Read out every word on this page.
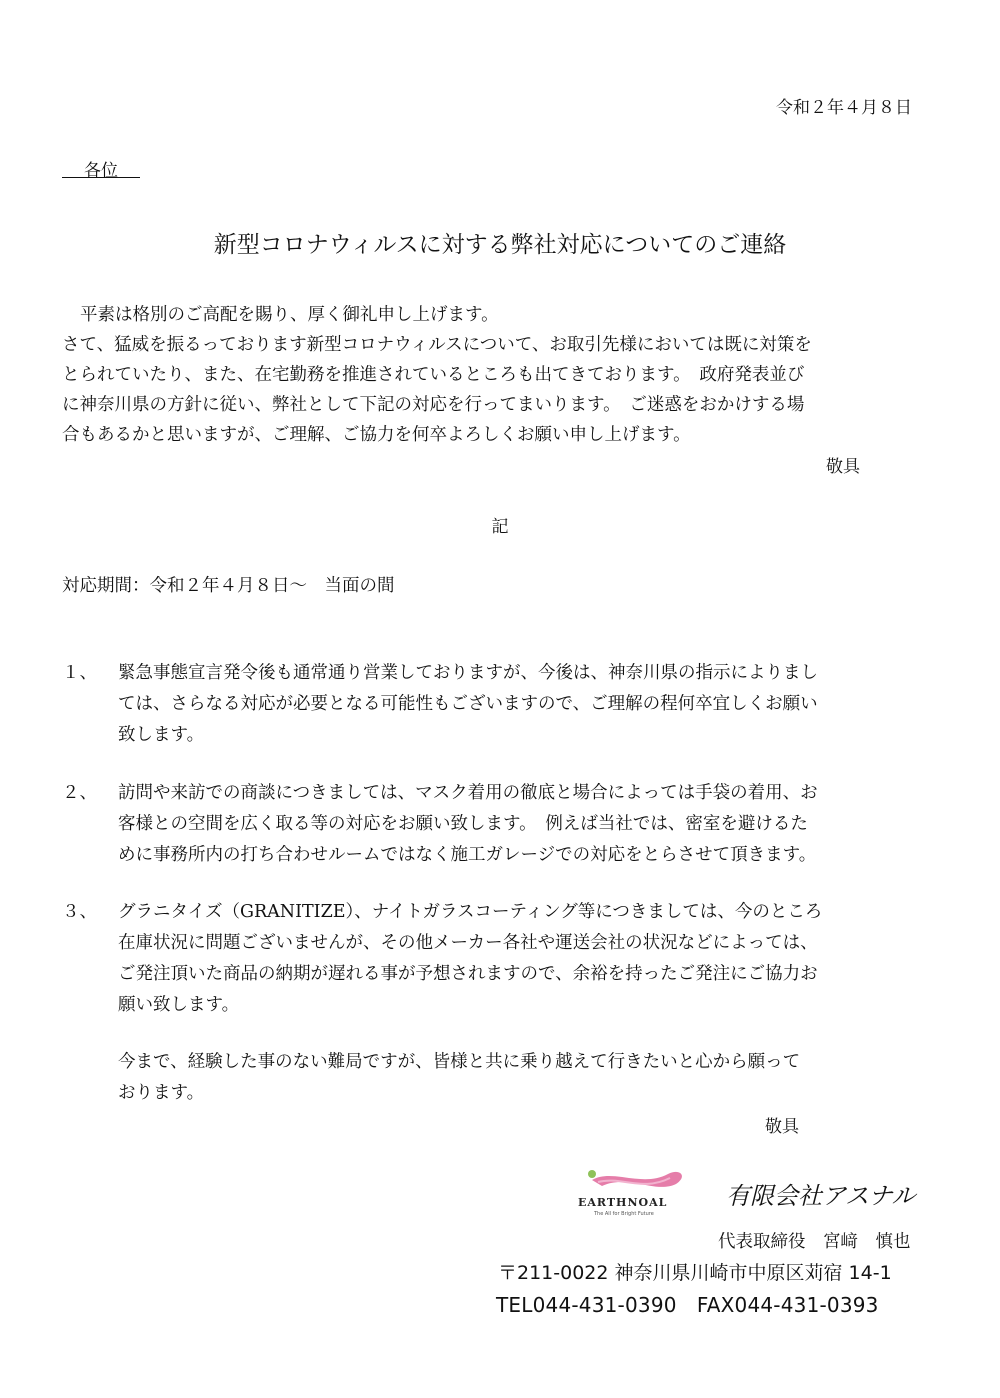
令和２年４月８日
各位
新型コロナウィルスに対する弊社対応についてのご連絡
平素は格別のご高配を賜り、厚く御礼申し上げます。
さて、猛威を振るっております新型コロナウィルスについて、お取引先様においては既に対策を
とられていたり、また、在宅勤務を推進されているところも出てきております。　政府発表並び
に神奈川県の方針に従い、弊社として下記の対応を行ってまいります。　ご迷惑をおかけする場
合もあるかと思いますが、ご理解、ご協力を何卒よろしくお願い申し上げます。
敬具
記
対応期間：令和２年４月８日～　当面の間
１、	緊急事態宣言発令後も通常通り営業しておりますが、今後は、神奈川県の指示によりまし
ては、さらなる対応が必要となる可能性もございますので、ご理解の程何卒宜しくお願い
致します。
２、	訪問や来訪での商談につきましては、マスク着用の徹底と場合によっては手袋の着用、お
客様との空間を広く取る等の対応をお願い致します。　例えば当社では、密室を避けるた
めに事務所内の打ち合わせルームではなく施工ガレージでの対応をとらさせて頂きます。
３、	グラニタイズ（GRANITIZE）、ナイトガラスコーティング等につきましては、今のところ
在庫状況に問題ございませんが、その他メーカー各社や運送会社の状況などによっては、
ご発注頂いた商品の納期が遅れる事が予想されますので、余裕を持ったご発注にご協力お
願い致します。
今まで、経験した事のない難局ですが、皆様と共に乗り越えて行きたいと心から願って
おります。
敬具
EARTHNOAL
The All for Bright Future
有限会社アスナル
代表取締役　宮﨑　慎也
〒211-0022 神奈川県川崎市中原区苅宿 14-1
TEL044-431-0390　FAX044-431-0393
